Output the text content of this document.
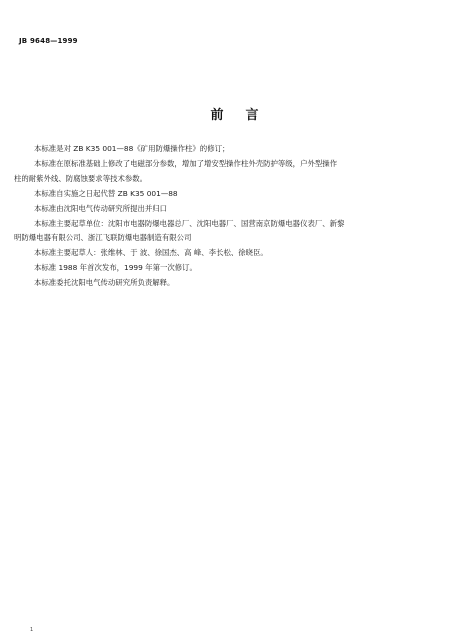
JB 9648—1999
前言

本标准是对 ZB K35 001—88《矿用防爆操作柱》的修订；

本标准在原标准基础上修改了电磁部分参数，增加了增安型操作柱外壳防护等级，户外型操作

柱的耐紫外线、防腐蚀要求等技术参数。

本标准自实施之日起代替 ZB K35 001—88

本标准由沈阳电气传动研究所提出并归口

本标准主要起草单位：沈阳市电器防爆电器总厂、沈阳电器厂、国营南京防爆电器仪表厂、新黎

明防爆电器有限公司、浙江飞联防爆电器制造有限公司

本标准主要起草人：张维林、于 波、徐国杰、高 峰、李长松、徐晓臣。

本标准 1988 年首次发布，1999 年第一次修订。

本标准委托沈阳电气传动研究所负责解释。

1
